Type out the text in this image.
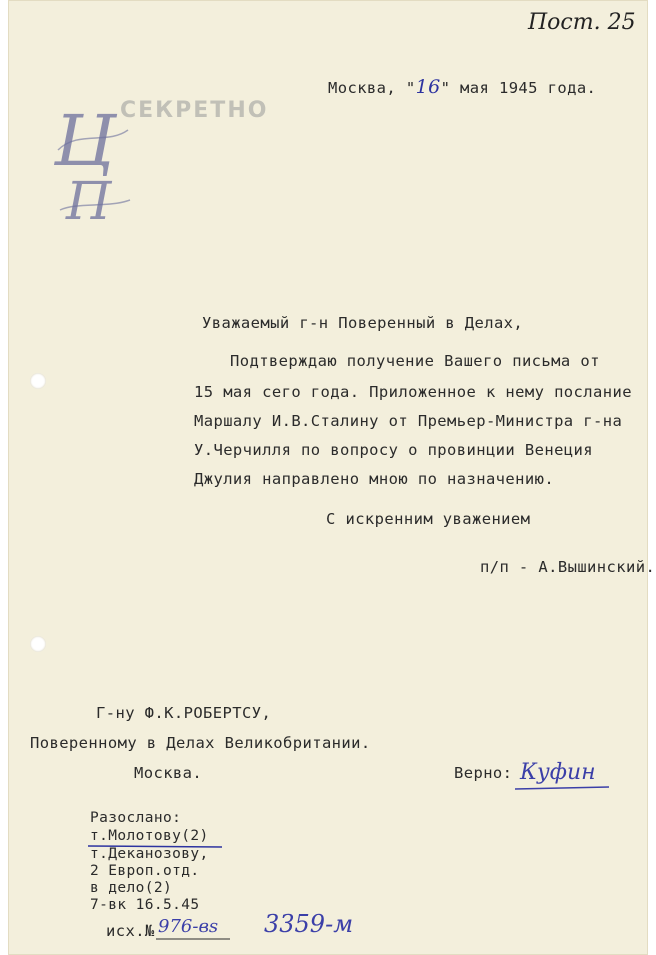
Пост. 25
СЕКРЕТНО
Ц
П
Москва, "16" мая 1945 года.
Уважаемый г-н Поверенный в Делах,
Подтверждаю получение Вашего письма от
15 мая сего года. Приложенное к нему послание
Маршалу И.В.Сталину от Премьер-Министра г-на
У.Черчилля по вопросу о провинции Венеция
Джулия направлено мною по назначению.
С искренним уважением
п/п - А.Вышинский.
Г-ну Ф.К.РОБЕРТСУ,
Поверенному в Делах Великобритании.
Москва.	Верно: Куфин
Разослано:
т.Молотову(2)
т.Деканозову,
2 Европ.отд.
в дело(2)
7-вк 16.5.45
исх.№ 976-вs 3359-м
